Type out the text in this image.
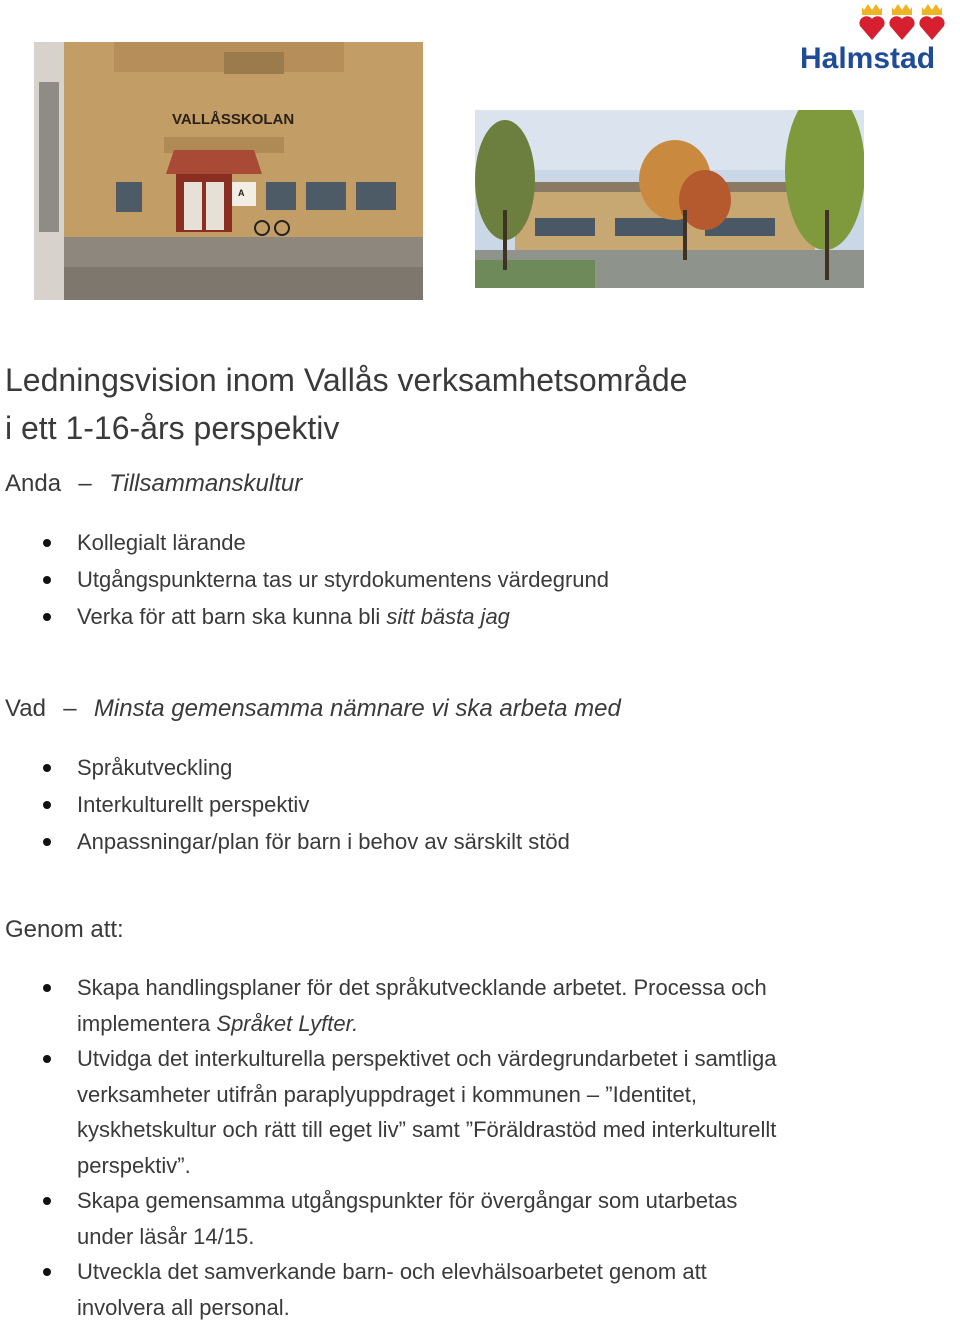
VALLÅSSKOLAN
A
Halmstad
Ledningsvision inom Vallås verksamhetsområde
i ett 1-16-års perspektiv

Anda – Tillsammanskultur

Kollegialt lärande
Utgångspunkterna tas ur styrdokumentens värdegrund
Verka för att barn ska kunna bli sitt bästa jag

Vad – Minsta gemensamma nämnare vi ska arbeta med

Språkutveckling
Interkulturellt perspektiv
Anpassningar/plan för barn i behov av särskilt stöd

Genom att:

Skapa handlingsplaner för det språkutvecklande arbetet. Processa och
implementera Språket Lyfter.
Utvidga det interkulturella perspektivet och värdegrundarbetet i samtliga
verksamheter utifrån paraplyuppdraget i kommunen – ”Identitet,
kyskhetskultur och rätt till eget liv” samt ”Föräldrastöd med interkulturellt
perspektiv”.
Skapa gemensamma utgångspunkter för övergångar som utarbetas
under läsår 14/15.
Utveckla det samverkande barn- och elevhälsoarbetet genom att
involvera all personal.
